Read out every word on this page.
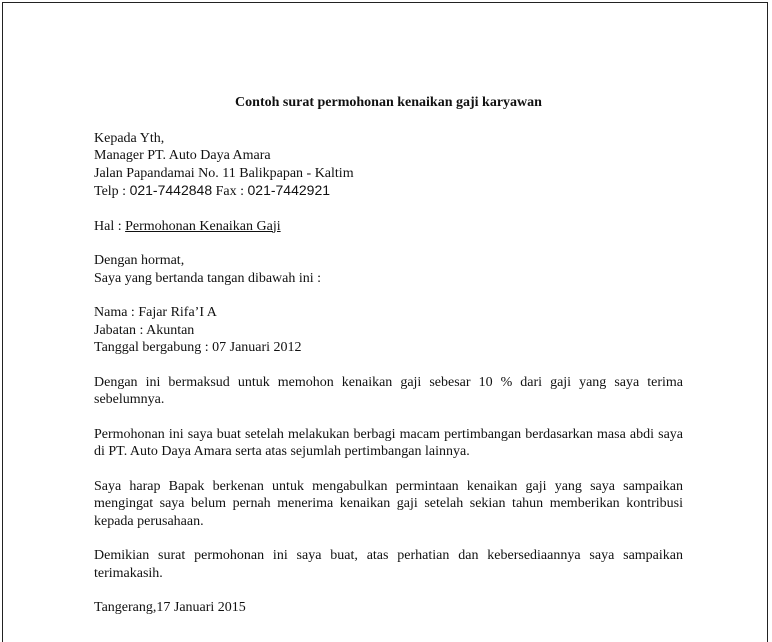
Contoh surat permohonan kenaikan gaji karyawan
Kepada Yth,
Manager PT. Auto Daya Amara
Jalan Papandamai No. 11 Balikpapan - Kaltim
Telp : 021-7442848 Fax : 021-7442921
Hal : Permohonan Kenaikan Gaji
Dengan hormat,
Saya yang bertanda tangan dibawah ini :
Nama : Fajar Rifa’I A
Jabatan : Akuntan
Tanggal bergabung : 07 Januari 2012
Dengan ini bermaksud untuk memohon kenaikan gaji sebesar 10 % dari gaji yang saya terima sebelumnya.
Permohonan ini saya buat setelah melakukan berbagi macam pertimbangan berdasarkan masa abdi saya di PT. Auto Daya Amara serta atas sejumlah pertimbangan lainnya.
Saya harap Bapak berkenan untuk mengabulkan permintaan kenaikan gaji yang saya sampaikan mengingat saya belum pernah menerima kenaikan gaji setelah sekian tahun memberikan kontribusi kepada perusahaan.
Demikian surat permohonan ini saya buat, atas perhatian dan kebersediaannya saya sampaikan terimakasih.
Tangerang,17 Januari 2015
